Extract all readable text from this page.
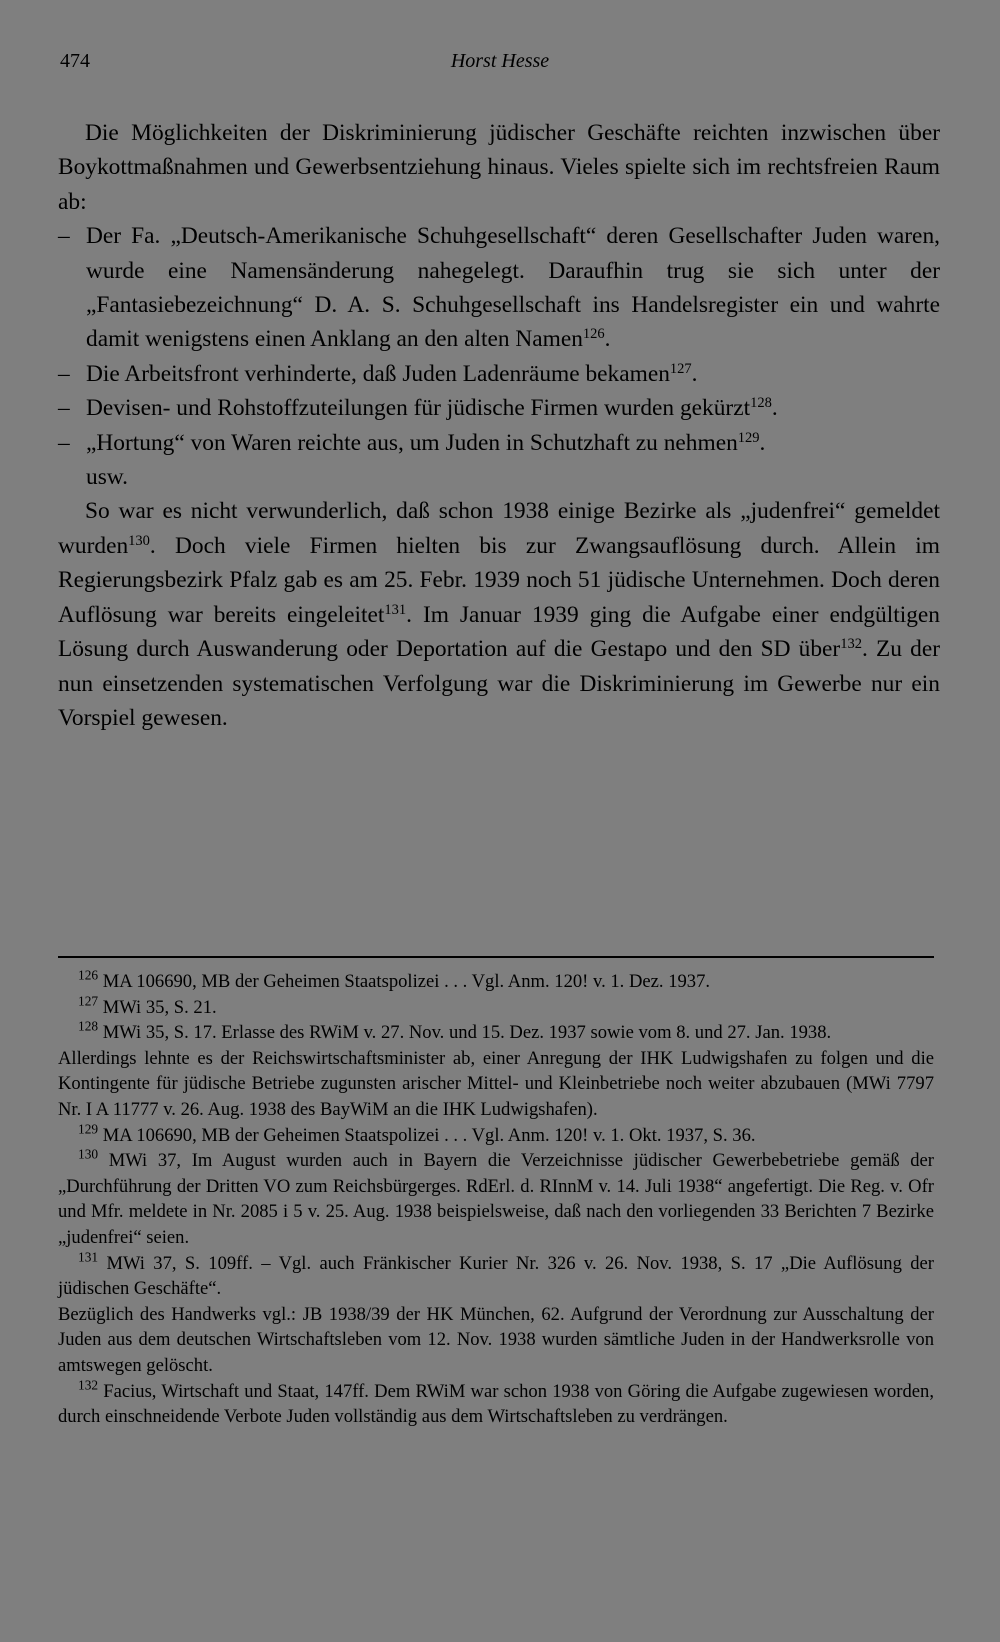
474	Horst Hesse

Die Möglichkeiten der Diskriminierung jüdischer Geschäfte reichten inzwischen über Boykottmaßnahmen und Gewerbsentziehung hinaus. Vieles spielte sich im rechtsfreien Raum ab:

– Der Fa. „Deutsch-Amerikanische Schuhgesellschaft“ deren Gesellschafter Juden waren, wurde eine Namensänderung nahegelegt. Daraufhin trug sie sich unter der „Fantasiebezeichnung“ D. A. S. Schuhgesellschaft ins Handelsregister ein und wahrte damit wenigstens einen Anklang an den alten Namen$^{126}$.
– Die Arbeitsfront verhinderte, daß Juden Ladenräume bekamen$^{127}$.
– Devisen- und Rohstoffzuteilungen für jüdische Firmen wurden gekürzt$^{128}$.
– „Hortung“ von Waren reichte aus, um Juden in Schutzhaft zu nehmen$^{129}$.

usw.

So war es nicht verwunderlich, daß schon 1938 einige Bezirke als „judenfrei“ gemeldet wurden$^{130}$. Doch viele Firmen hielten bis zur Zwangsauflösung durch. Allein im Regierungsbezirk Pfalz gab es am 25. Febr. 1939 noch 51 jüdische Unternehmen. Doch deren Auflösung war bereits eingeleitet$^{131}$. Im Januar 1939 ging die Aufgabe einer endgültigen Lösung durch Auswanderung oder Deportation auf die Gestapo und den SD über$^{132}$. Zu der nun einsetzenden systematischen Verfolgung war die Diskriminierung im Gewerbe nur ein Vorspiel gewesen.

$^{126}$ MA 106690, MB der Geheimen Staatspolizei . . . Vgl. Anm. 120! v. 1. Dez. 1937.

$^{127}$ MWi 35, S. 21.

$^{128}$ MWi 35, S. 17. Erlasse des RWiM v. 27. Nov. und 15. Dez. 1937 sowie vom 8. und 27. Jan. 1938.

Allerdings lehnte es der Reichswirtschaftsminister ab, einer Anregung der IHK Ludwigshafen zu folgen und die Kontingente für jüdische Betriebe zugunsten arischer Mittel- und Kleinbetriebe noch weiter abzubauen (MWi 7797 Nr. I A 11777 v. 26. Aug. 1938 des BayWiM an die IHK Ludwigshafen).

$^{129}$ MA 106690, MB der Geheimen Staatspolizei . . . Vgl. Anm. 120! v. 1. Okt. 1937, S. 36.

$^{130}$ MWi 37, Im August wurden auch in Bayern die Verzeichnisse jüdischer Gewerbebetriebe gemäß der „Durchführung der Dritten VO zum Reichsbürgerges. RdErl. d. RInnM v. 14. Juli 1938“ angefertigt. Die Reg. v. Ofr und Mfr. meldete in Nr. 2085 i 5 v. 25. Aug. 1938 beispielsweise, daß nach den vorliegenden 33 Berichten 7 Bezirke „judenfrei“ seien.

$^{131}$ MWi 37, S. 109ff. – Vgl. auch Fränkischer Kurier Nr. 326 v. 26. Nov. 1938, S. 17 „Die Auflösung der jüdischen Geschäfte“.

Bezüglich des Handwerks vgl.: JB 1938/39 der HK München, 62. Aufgrund der Verordnung zur Ausschaltung der Juden aus dem deutschen Wirtschaftsleben vom 12. Nov. 1938 wurden sämtliche Juden in der Handwerksrolle von amtswegen gelöscht.

$^{132}$ Facius, Wirtschaft und Staat, 147ff. Dem RWiM war schon 1938 von Göring die Aufgabe zugewiesen worden, durch einschneidende Verbote Juden vollständig aus dem Wirtschaftsleben zu verdrängen.
